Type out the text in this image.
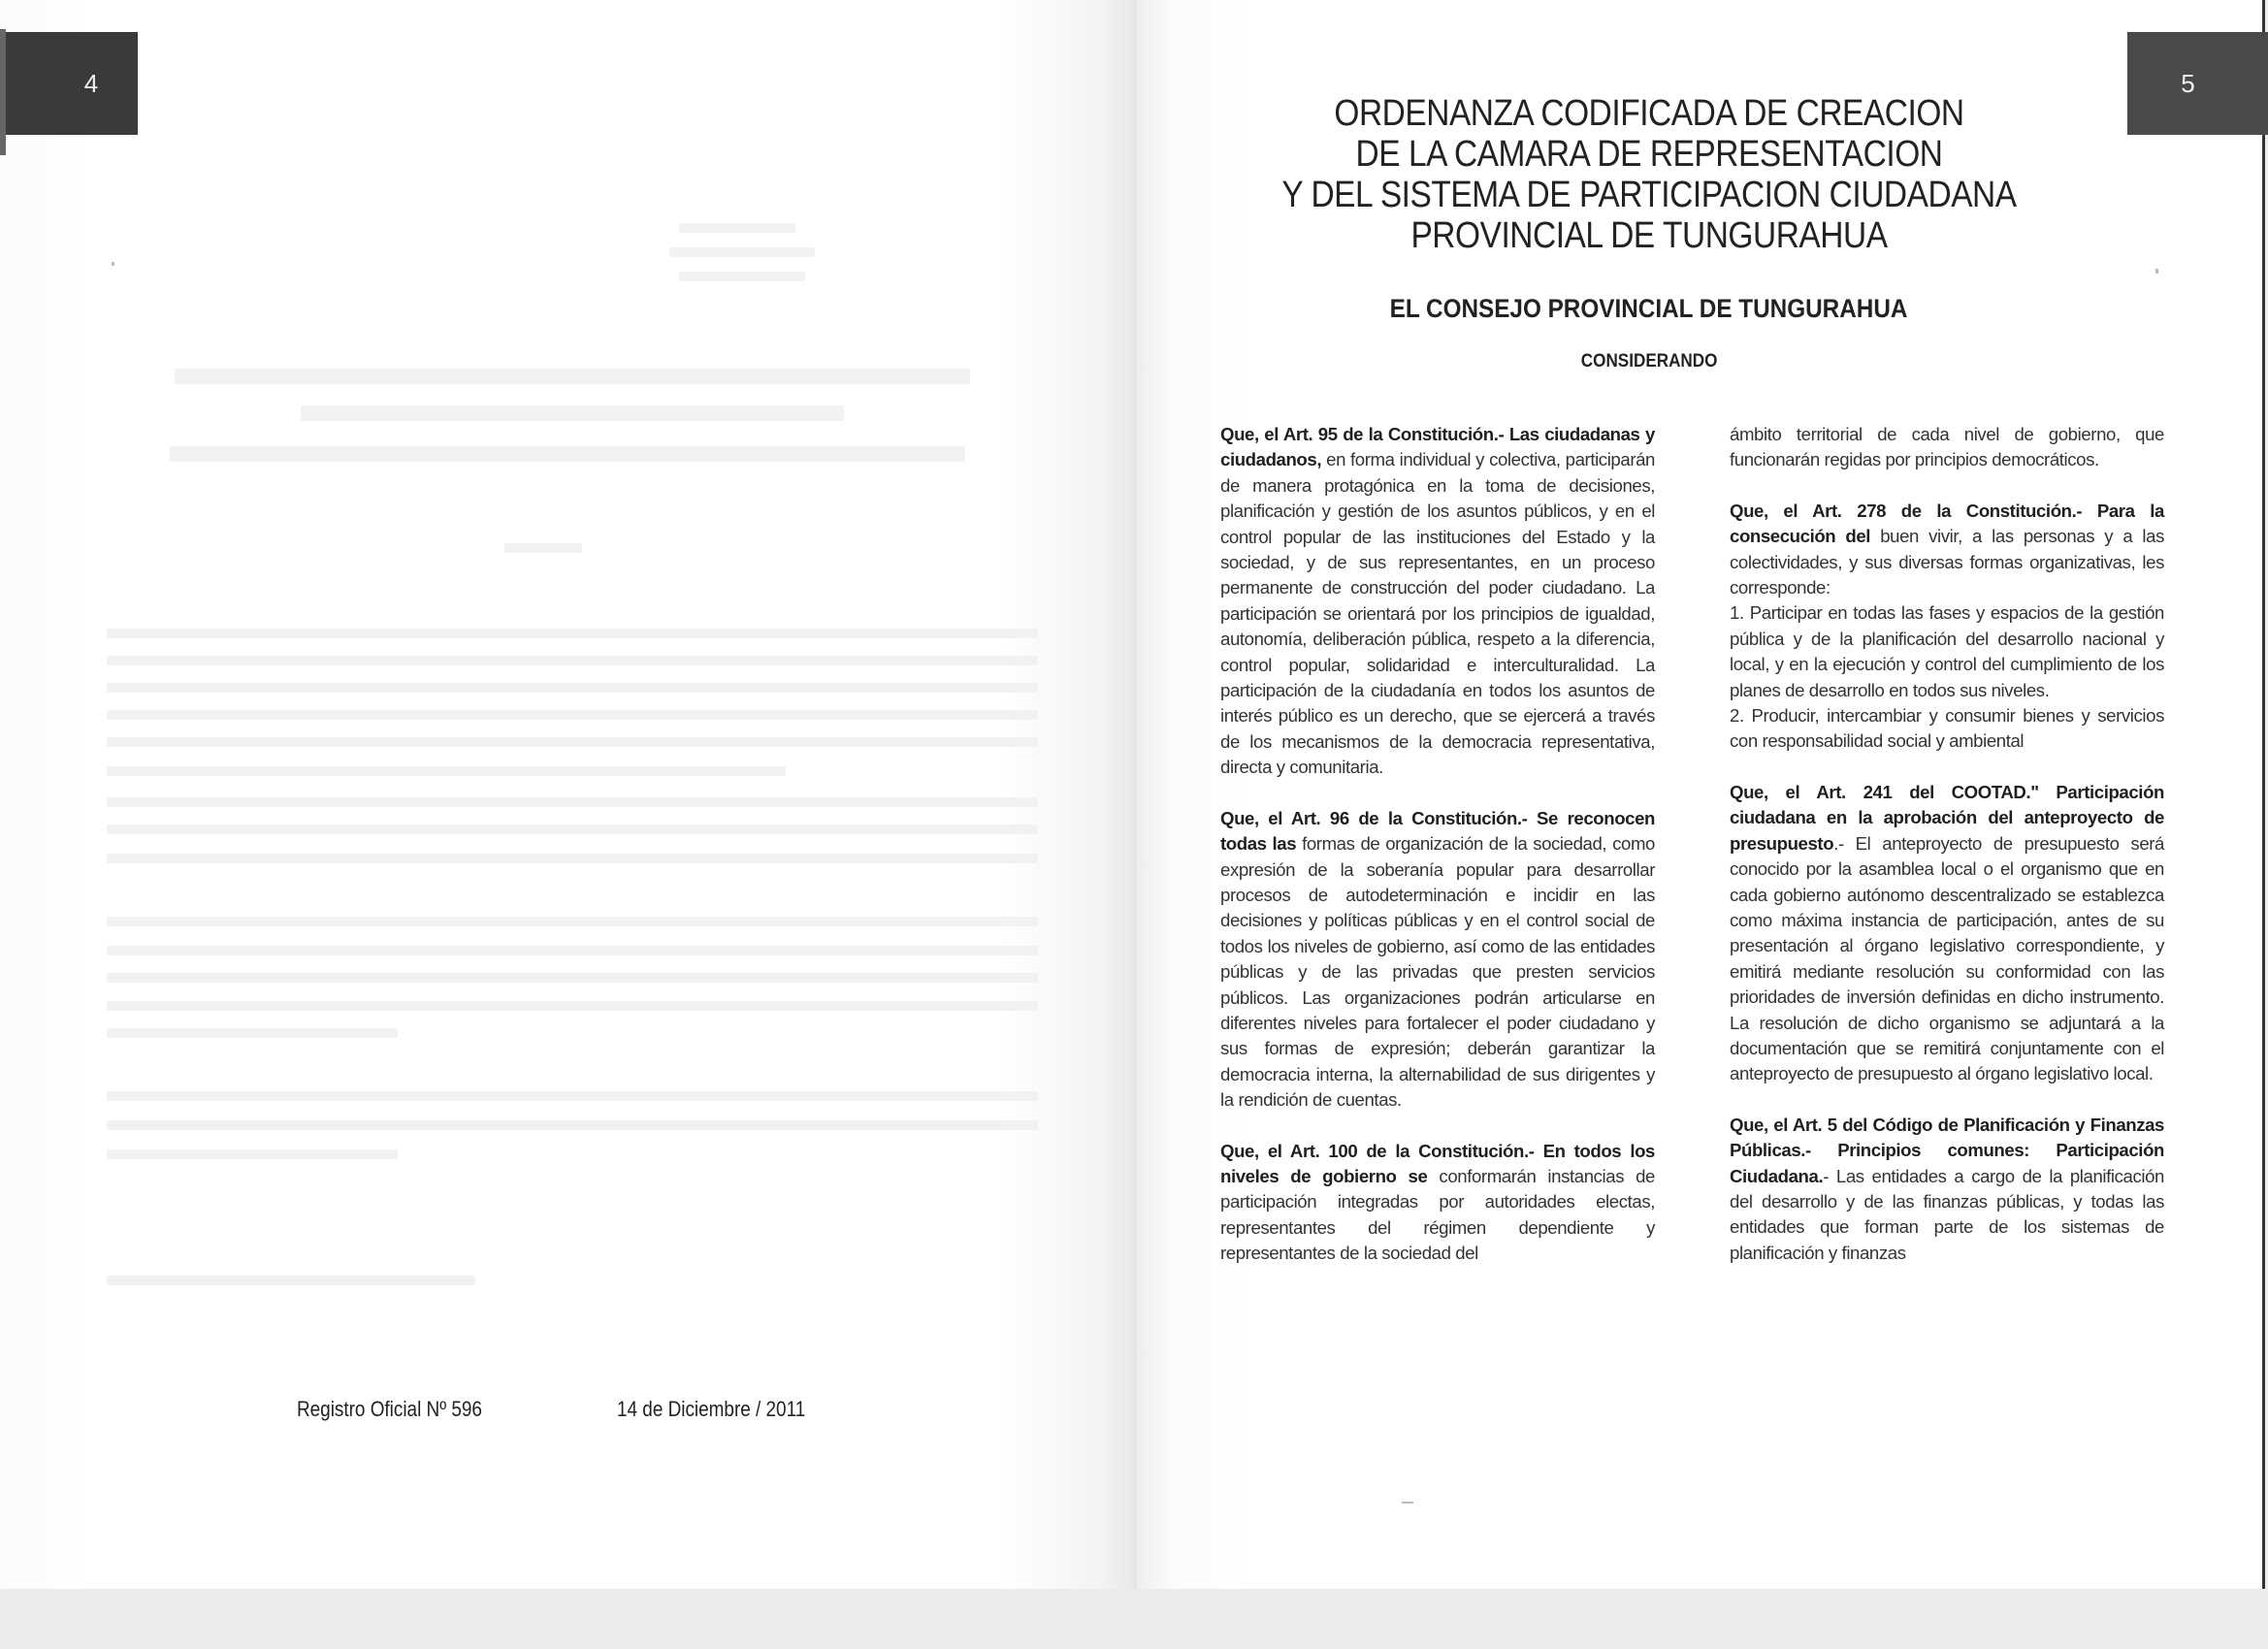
4
Registro Oficial Nº 596	14 de Diciembre / 2011
5
ORDENANZA CODIFICADA DE CREACION
DE LA CAMARA DE REPRESENTACION
Y DEL SISTEMA DE PARTICIPACION CIUDADANA
PROVINCIAL DE TUNGURAHUA
EL CONSEJO PROVINCIAL DE TUNGURAHUA
CONSIDERANDO

Que, el Art. 95 de la Constitución.- Las ciudadanas y ciudadanos, en forma individual y colectiva, participarán de manera protagónica en la toma de decisiones, planificación y gestión de los asuntos públicos, y en el control popular de las instituciones del Estado y la sociedad, y de sus representantes, en un proceso permanente de construcción del poder ciudadano. La participación se orientará por los principios de igualdad, autonomía, deliberación pública, respeto a la diferencia, control popular, solidaridad e interculturalidad. La participación de la ciudadanía en todos los asuntos de interés público es un derecho, que se ejercerá a través de los mecanismos de la democracia representativa, directa y comunitaria.

Que, el Art. 96 de la Constitución.- Se reconocen todas las formas de organización de la sociedad, como expresión de la soberanía popular para desarrollar procesos de autodeterminación e incidir en las decisiones y políticas públicas y en el control social de todos los niveles de gobierno, así como de las entidades públicas y de las privadas que presten servicios públicos. Las organizaciones podrán articularse en diferentes niveles para fortalecer el poder ciudadano y sus formas de expresión; deberán garantizar la democracia interna, la alternabilidad de sus dirigentes y la rendición de cuentas.

Que, el Art. 100 de la Constitución.- En todos los niveles de gobierno se conformarán instancias de participación integradas por autoridades electas, representantes del régimen dependiente y representantes de la sociedad del

ámbito territorial de cada nivel de gobierno, que funcionarán regidas por principios democráticos.

Que, el Art. 278 de la Constitución.- Para la consecución del buen vivir, a las personas y a las colectividades, y sus diversas formas organizativas, les corresponde:

1. Participar en todas las fases y espacios de la gestión pública y de la planificación del desarrollo nacional y local, y en la ejecución y control del cumplimiento de los planes de desarrollo en todos sus niveles.

2. Producir, intercambiar y consumir bienes y servicios con responsabilidad social y ambiental

Que, el Art. 241 del COOTAD." Participación ciudadana en la aprobación del anteproyecto de presupuesto.- El anteproyecto de presupuesto será conocido por la asamblea local o el organismo que en cada gobierno autónomo descentralizado se establezca como máxima instancia de participación, antes de su presentación al órgano legislativo correspondiente, y emitirá mediante resolución su conformidad con las prioridades de inversión definidas en dicho instrumento. La resolución de dicho organismo se adjuntará a la documentación que se remitirá conjuntamente con el anteproyecto de presupuesto al órgano legislativo local.

Que, el Art. 5 del Código de Planificación y Finanzas Públicas.- Principios comunes: Participación Ciudadana.- Las entidades a cargo de la planificación del desarrollo y de las finanzas públicas, y todas las entidades que forman parte de los sistemas de planificación y finanzas
